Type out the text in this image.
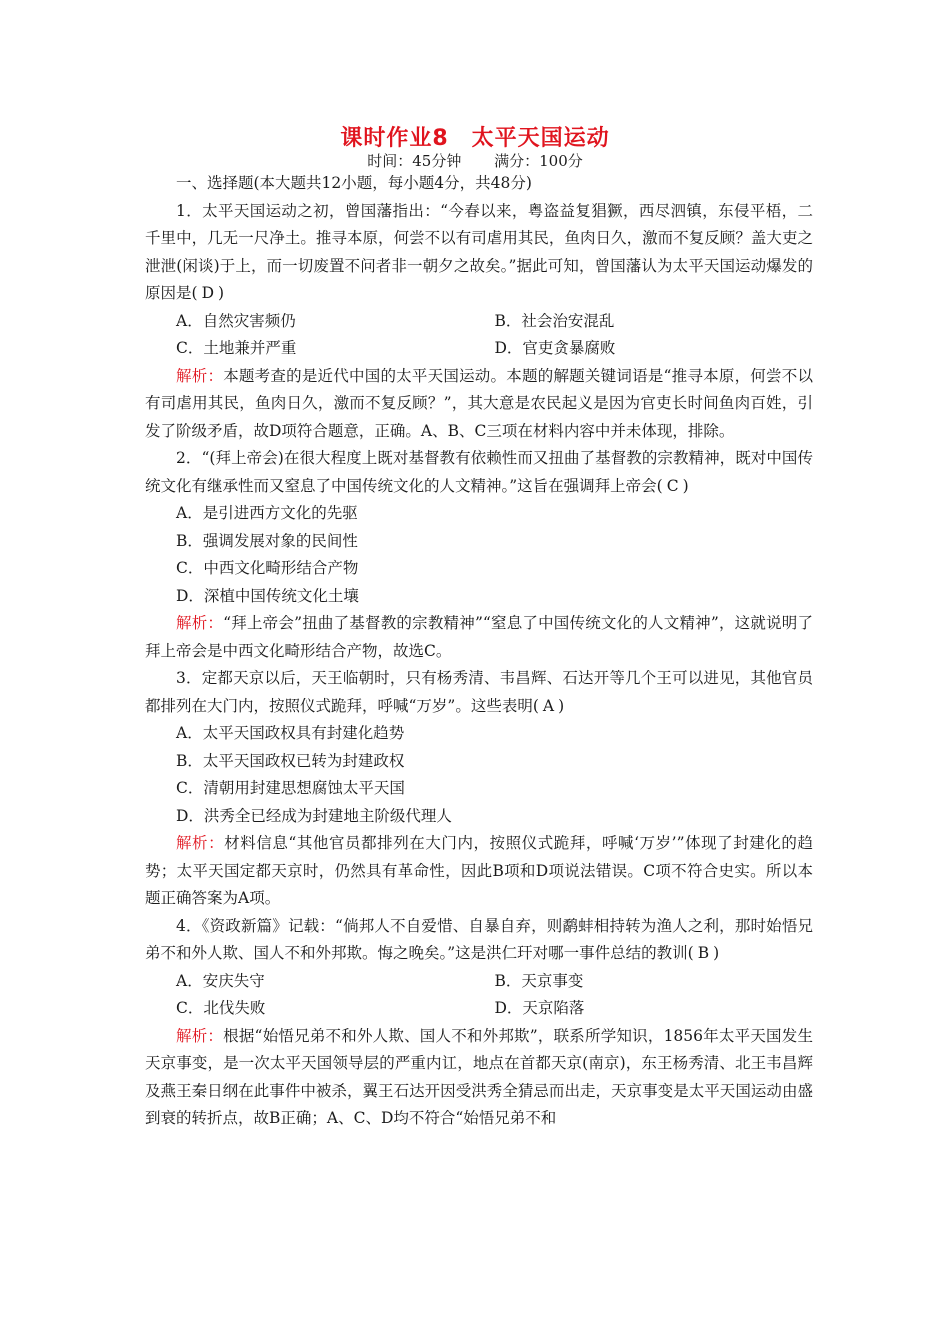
课时作业8　太平天国运动
时间：45分钟 满分：100分

一、选择题(本大题共12小题，每小题4分，共48分)

1．太平天国运动之初，曾国藩指出：“今春以来，粤盗益复猖獗，西尽泗镇，东侵平梧，二千里中，几无一尺净土。推寻本原，何尝不以有司虐用其民，鱼肉日久，激而不复反顾？盖大吏之泄泄(闲谈)于上，而一切废置不问者非一朝夕之故矣。”据此可知，曾国藩认为太平天国运动爆发的原因是( D )

A．自然灾害频仍	B．社会治安混乱
C．土地兼并严重	D．官吏贪暴腐败

解析：本题考查的是近代中国的太平天国运动。本题的解题关键词语是“推寻本原，何尝不以有司虐用其民，鱼肉日久，激而不复反顾？”，其大意是农民起义是因为官吏长时间鱼肉百姓，引发了阶级矛盾，故D项符合题意，正确。A、B、C三项在材料内容中并未体现，排除。

2．“(拜上帝会)在很大程度上既对基督教有依赖性而又扭曲了基督教的宗教精神，既对中国传统文化有继承性而又窒息了中国传统文化的人文精神。”这旨在强调拜上帝会( C )

A．是引进西方文化的先驱

B．强调发展对象的民间性

C．中西文化畸形结合产物

D．深植中国传统文化土壤

解析：“拜上帝会”扭曲了基督教的宗教精神”“窒息了中国传统文化的人文精神”，这就说明了拜上帝会是中西文化畸形结合产物，故选C。

3．定都天京以后，天王临朝时，只有杨秀清、韦昌辉、石达开等几个王可以进见，其他官员都排列在大门内，按照仪式跪拜，呼喊“万岁”。这些表明( A )

A．太平天国政权具有封建化趋势

B．太平天国政权已转为封建政权

C．清朝用封建思想腐蚀太平天国

D．洪秀全已经成为封建地主阶级代理人

解析：材料信息“其他官员都排列在大门内，按照仪式跪拜，呼喊‘万岁’”体现了封建化的趋势；太平天国定都天京时，仍然具有革命性，因此B项和D项说法错误。C项不符合史实。所以本题正确答案为A项。

4．《资政新篇》记载：“倘邦人不自爱惜、自暴自弃，则鹬蚌相持转为渔人之利，那时始悟兄弟不和外人欺、国人不和外邦欺。悔之晚矣。”这是洪仁玕对哪一事件总结的教训( B )

A．安庆失守	B．天京事变
C．北伐失败	D．天京陷落

解析：根据“始悟兄弟不和外人欺、国人不和外邦欺”，联系所学知识，1856年太平天国发生天京事变，是一次太平天国领导层的严重内讧，地点在首都天京(南京)，东王杨秀清、北王韦昌辉及燕王秦日纲在此事件中被杀，翼王石达开因受洪秀全猜忌而出走，天京事变是太平天国运动由盛到衰的转折点，故B正确；A、C、D均不符合“始悟兄弟不和
